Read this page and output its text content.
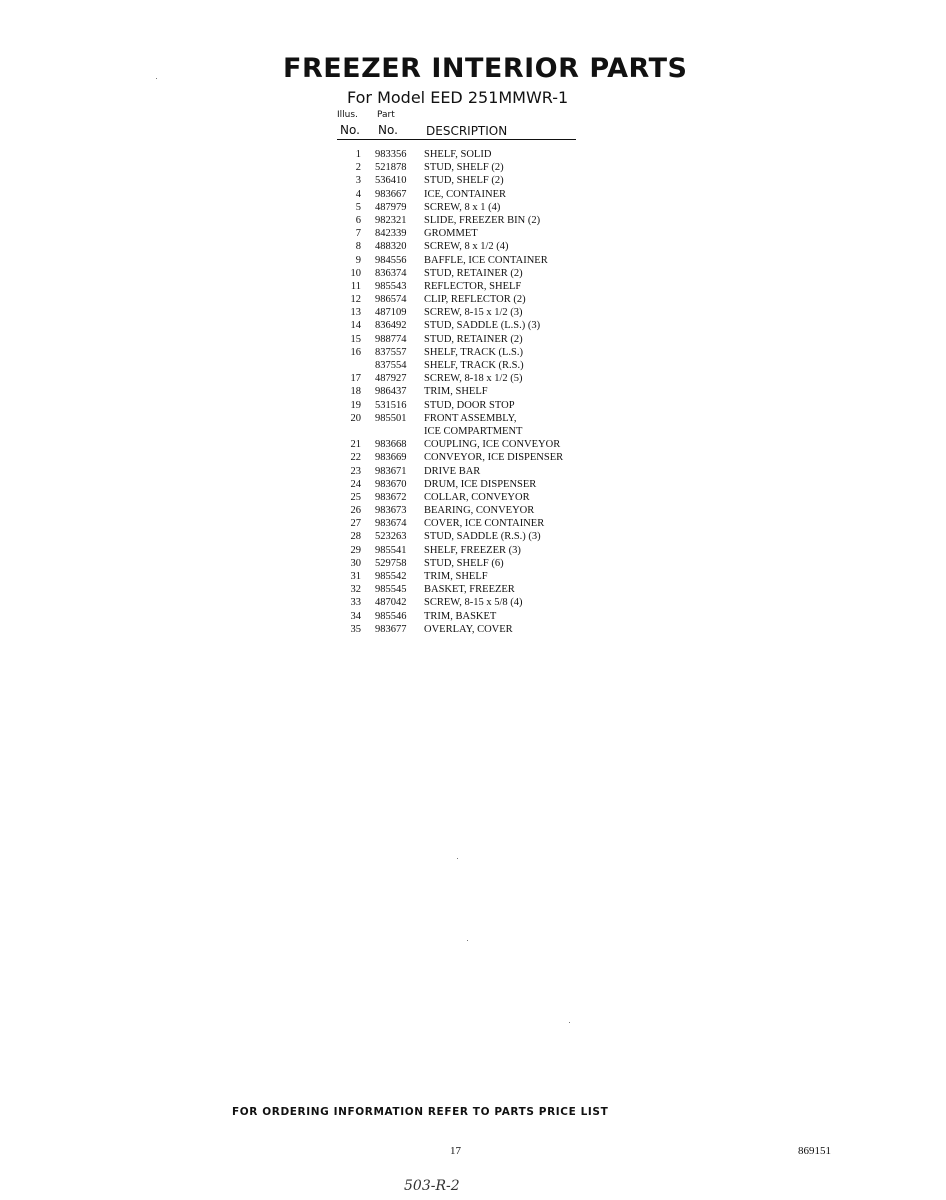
FREEZER INTERIOR PARTS
For Model EED 251MMWR-1
Illus. Part
No. No. DESCRIPTION
1 983356 SHELF, SOLID
2 521878 STUD, SHELF (2)
3 536410 STUD, SHELF (2)
4 983667 ICE, CONTAINER
5 487979 SCREW, 8 x 1 (4)
6 982321 SLIDE, FREEZER BIN (2)
7 842339 GROMMET
8 488320 SCREW, 8 x 1/2 (4)
9 984556 BAFFLE, ICE CONTAINER
10 836374 STUD, RETAINER (2)
11 985543 REFLECTOR, SHELF
12 986574 CLIP, REFLECTOR (2)
13 487109 SCREW, 8-15 x 1/2 (3)
14 836492 STUD, SADDLE (L.S.) (3)
15 988774 STUD, RETAINER (2)
16 837557 SHELF, TRACK (L.S.)
837554 SHELF, TRACK (R.S.)
17 487927 SCREW, 8-18 x 1/2 (5)
18 986437 TRIM, SHELF
19 531516 STUD, DOOR STOP
20 985501 FRONT ASSEMBLY,
ICE COMPARTMENT
21 983668 COUPLING, ICE CONVEYOR
22 983669 CONVEYOR, ICE DISPENSER
23 983671 DRIVE BAR
24 983670 DRUM, ICE DISPENSER
25 983672 COLLAR, CONVEYOR
26 983673 BEARING, CONVEYOR
27 983674 COVER, ICE CONTAINER
28 523263 STUD, SADDLE (R.S.) (3)
29 985541 SHELF, FREEZER (3)
30 529758 STUD, SHELF (6)
31 985542 TRIM, SHELF
32 985545 BASKET, FREEZER
33 487042 SCREW, 8-15 x 5/8 (4)
34 985546 TRIM, BASKET
35 983677 OVERLAY, COVER
FOR ORDERING INFORMATION REFER TO PARTS PRICE LIST
17	869151
503-R-2
